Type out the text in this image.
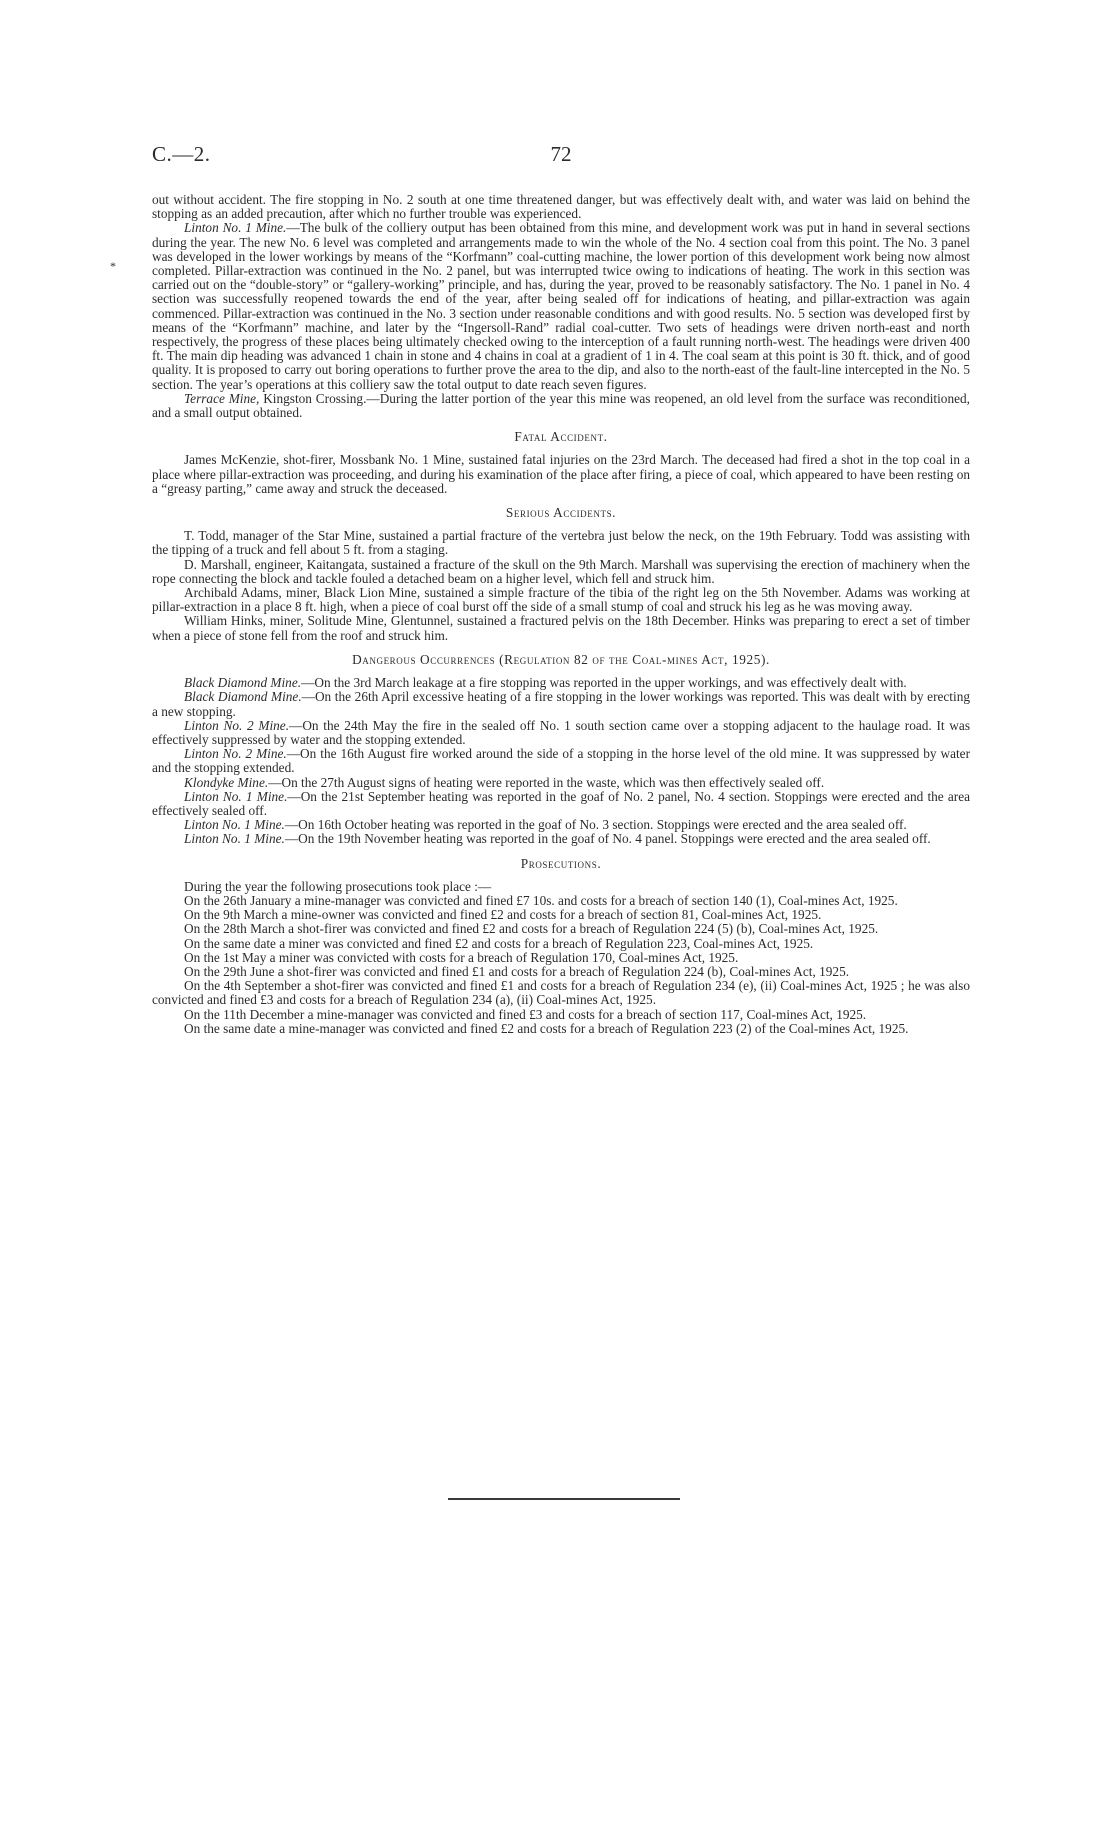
C.—2.	72
*

out without accident. The fire stopping in No. 2 south at one time threatened danger, but was effectively dealt with, and water was laid on behind the stopping as an added precaution, after which no further trouble was experienced.

Linton No. 1 Mine.—The bulk of the colliery output has been obtained from this mine, and development work was put in hand in several sections during the year. The new No. 6 level was completed and arrangements made to win the whole of the No. 4 section coal from this point. The No. 3 panel was developed in the lower workings by means of the “Korfmann” coal-cutting machine, the lower portion of this development work being now almost completed. Pillar-extraction was continued in the No. 2 panel, but was interrupted twice owing to indications of heating. The work in this section was carried out on the “double-story” or “gallery-working” principle, and has, during the year, proved to be reasonably satisfactory. The No. 1 panel in No. 4 section was successfully reopened towards the end of the year, after being sealed off for indications of heating, and pillar-extraction was again commenced. Pillar-extraction was continued in the No. 3 section under reasonable conditions and with good results. No. 5 section was developed first by means of the “Korfmann” machine, and later by the “Ingersoll-Rand” radial coal-cutter. Two sets of headings were driven north-east and north respectively, the progress of these places being ultimately checked owing to the interception of a fault running north-west. The headings were driven 400 ft. The main dip heading was advanced 1 chain in stone and 4 chains in coal at a gradient of 1 in 4. The coal seam at this point is 30 ft. thick, and of good quality. It is proposed to carry out boring operations to further prove the area to the dip, and also to the north-east of the fault-line intercepted in the No. 5 section. The year’s operations at this colliery saw the total output to date reach seven figures.

Terrace Mine, Kingston Crossing.—During the latter portion of the year this mine was reopened, an old level from the surface was reconditioned, and a small output obtained.

Fatal Accident.

James McKenzie, shot-firer, Mossbank No. 1 Mine, sustained fatal injuries on the 23rd March. The deceased had fired a shot in the top coal in a place where pillar-extraction was proceeding, and during his examination of the place after firing, a piece of coal, which appeared to have been resting on a “greasy parting,” came away and struck the deceased.

Serious Accidents.

T. Todd, manager of the Star Mine, sustained a partial fracture of the vertebra just below the neck, on the 19th February. Todd was assisting with the tipping of a truck and fell about 5 ft. from a staging.

D. Marshall, engineer, Kaitangata, sustained a fracture of the skull on the 9th March. Marshall was supervising the erection of machinery when the rope connecting the block and tackle fouled a detached beam on a higher level, which fell and struck him.

Archibald Adams, miner, Black Lion Mine, sustained a simple fracture of the tibia of the right leg on the 5th November. Adams was working at pillar-extraction in a place 8 ft. high, when a piece of coal burst off the side of a small stump of coal and struck his leg as he was moving away.

William Hinks, miner, Solitude Mine, Glentunnel, sustained a fractured pelvis on the 18th December. Hinks was preparing to erect a set of timber when a piece of stone fell from the roof and struck him.

Dangerous Occurrences (Regulation 82 of the Coal-mines Act, 1925).

Black Diamond Mine.—On the 3rd March leakage at a fire stopping was reported in the upper workings, and was effectively dealt with.

Black Diamond Mine.—On the 26th April excessive heating of a fire stopping in the lower workings was reported. This was dealt with by erecting a new stopping.

Linton No. 2 Mine.—On the 24th May the fire in the sealed off No. 1 south section came over a stopping adjacent to the haulage road. It was effectively suppressed by water and the stopping extended.

Linton No. 2 Mine.—On the 16th August fire worked around the side of a stopping in the horse level of the old mine. It was suppressed by water and the stopping extended.

Klondyke Mine.—On the 27th August signs of heating were reported in the waste, which was then effectively sealed off.

Linton No. 1 Mine.—On the 21st September heating was reported in the goaf of No. 2 panel, No. 4 section. Stoppings were erected and the area effectively sealed off.

Linton No. 1 Mine.—On 16th October heating was reported in the goaf of No. 3 section. Stoppings were erected and the area sealed off.

Linton No. 1 Mine.—On the 19th November heating was reported in the goaf of No. 4 panel. Stoppings were erected and the area sealed off.

Prosecutions.

During the year the following prosecutions took place :—

On the 26th January a mine-manager was convicted and fined £7 10s. and costs for a breach of section 140 (1), Coal-mines Act, 1925.

On the 9th March a mine-owner was convicted and fined £2 and costs for a breach of section 81, Coal-mines Act, 1925.

On the 28th March a shot-firer was convicted and fined £2 and costs for a breach of Regulation 224 (5) (b), Coal-mines Act, 1925.

On the same date a miner was convicted and fined £2 and costs for a breach of Regulation 223, Coal-mines Act, 1925.

On the 1st May a miner was convicted with costs for a breach of Regulation 170, Coal-mines Act, 1925.

On the 29th June a shot-firer was convicted and fined £1 and costs for a breach of Regulation 224 (b), Coal-mines Act, 1925.

On the 4th September a shot-firer was convicted and fined £1 and costs for a breach of Regulation 234 (e), (ii) Coal-mines Act, 1925 ; he was also convicted and fined £3 and costs for a breach of Regulation 234 (a), (ii) Coal-mines Act, 1925.

On the 11th December a mine-manager was convicted and fined £3 and costs for a breach of section 117, Coal-mines Act, 1925.

On the same date a mine-manager was convicted and fined £2 and costs for a breach of Regulation 223 (2) of the Coal-mines Act, 1925.
